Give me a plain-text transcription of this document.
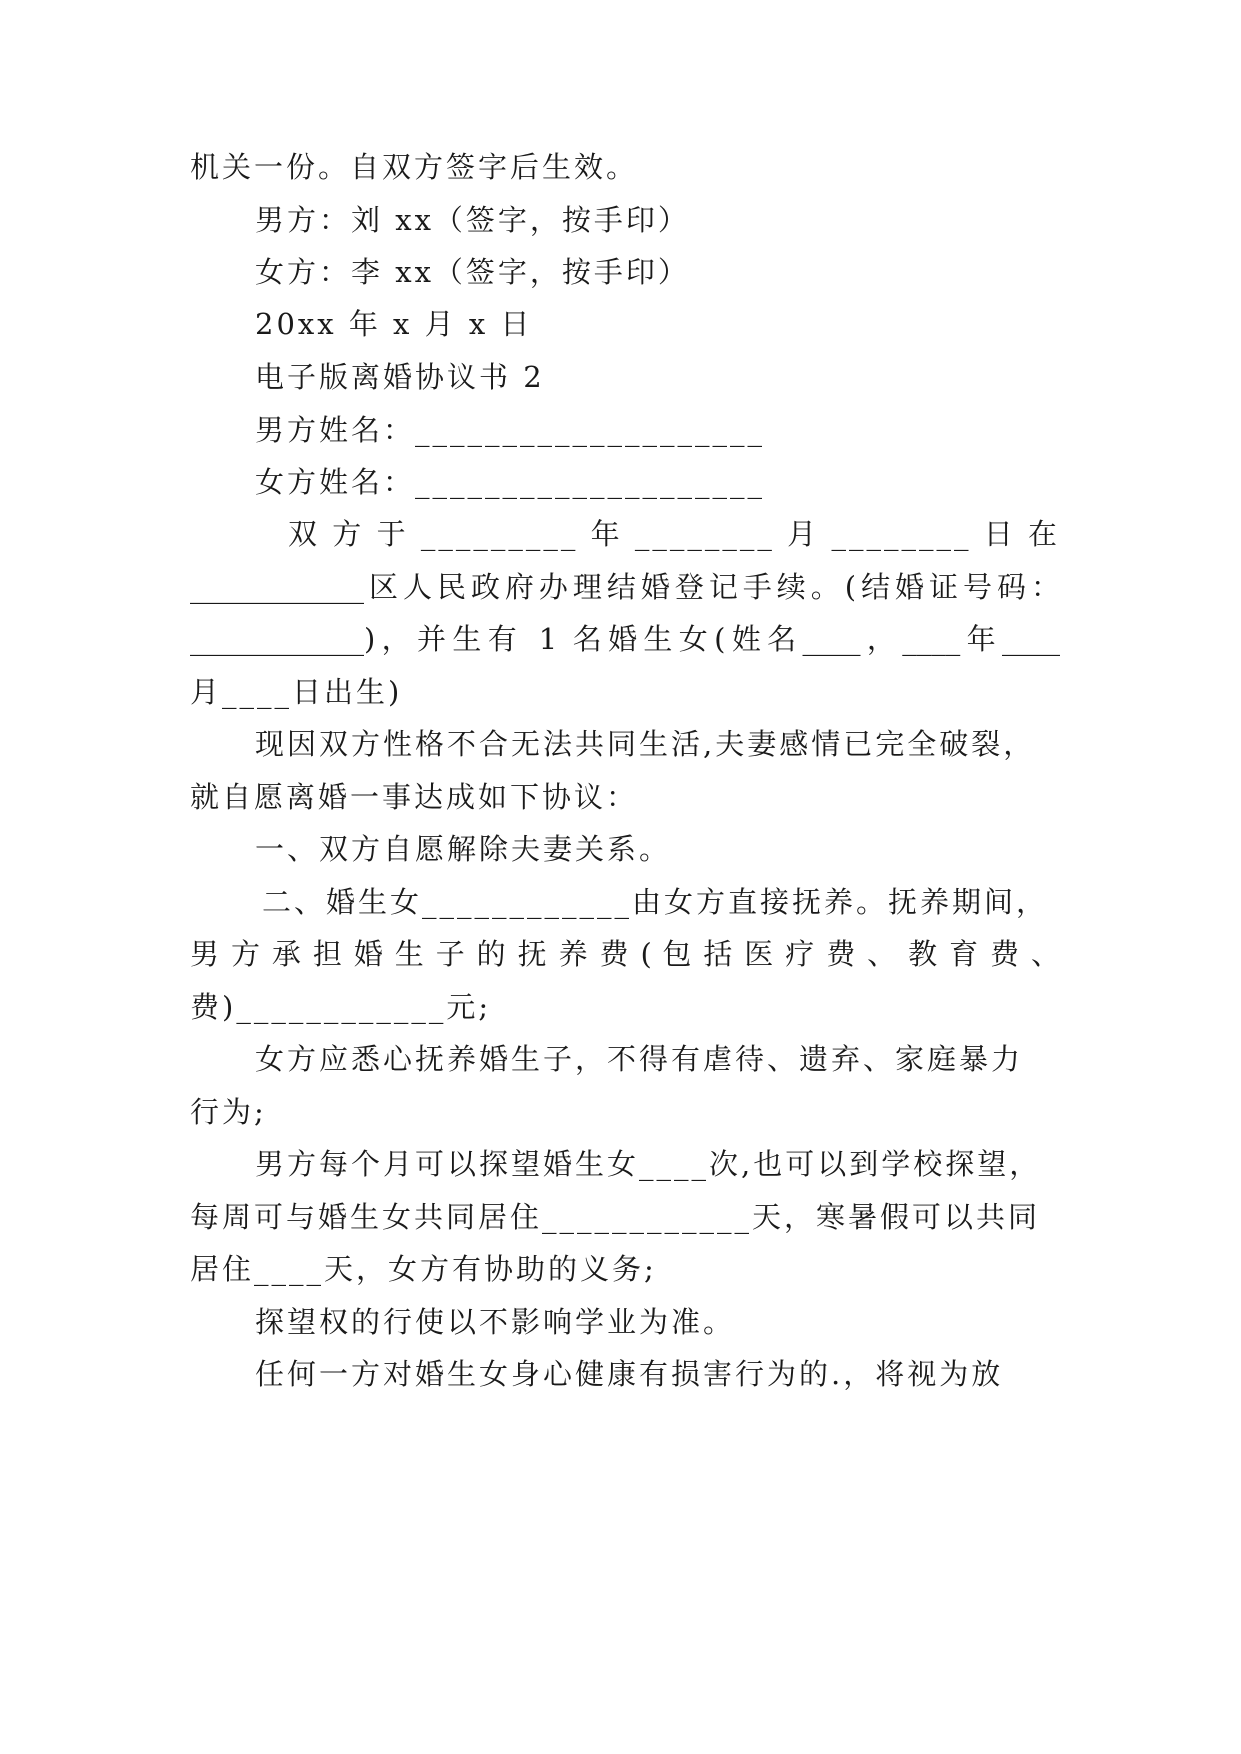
机关一份。自双方签字后生效。
男方：刘 xx（签字，按手印）
女方：李 xx（签字，按手印）
20xx 年 x 月 x 日
电子版离婚协议书 2
男方姓名：____________________
女方姓名：____________________
双 方 于 _________ 年 ________ 月 ________ 日 在
____________区人民政府办理结婚登记手续。(结婚证号码：
____________)，并生有 1 名婚生女(姓名____，____年____
月____日出生)
现因双方性格不合无法共同生活,夫妻感情已完全破裂，
就自愿离婚一事达成如下协议：
一、双方自愿解除夫妻关系。
二、婚生女____________由女方直接抚养。抚养期间，
男 方 承 担 婚 生 子 的 抚 养 费 ( 包 括 医 疗 费 、 教 育 费 、
费)____________元;
女方应悉心抚养婚生子，不得有虐待、遗弃、家庭暴力
行为;
男方每个月可以探望婚生女____次,也可以到学校探望，
每周可与婚生女共同居住____________天，寒暑假可以共同
居住____天，女方有协助的义务;
探望权的行使以不影响学业为准。
任何一方对婚生女身心健康有损害行为的.，将视为放
